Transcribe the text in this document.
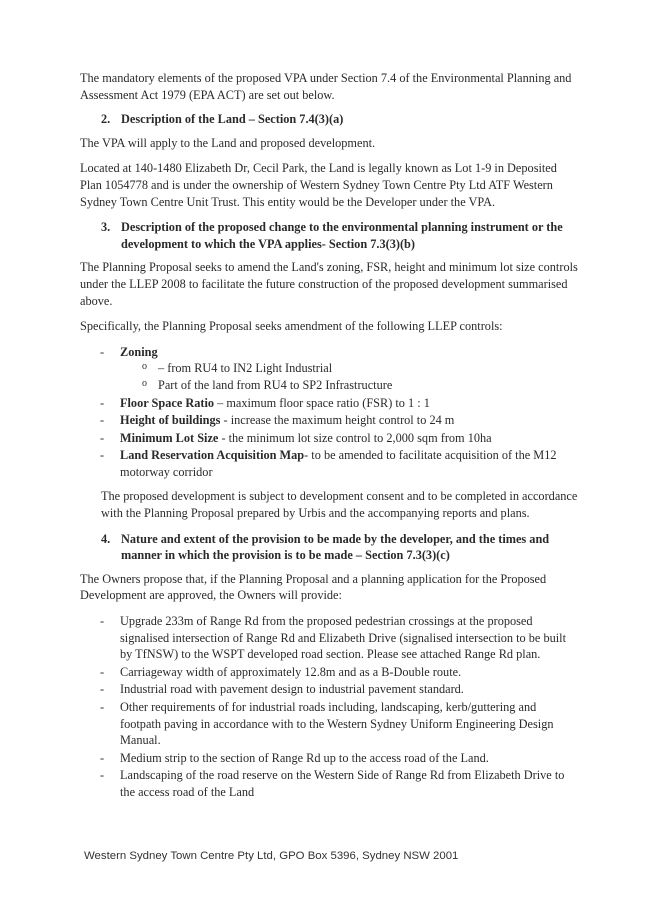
The mandatory elements of the proposed VPA under Section 7.4 of the Environmental Planning and Assessment Act 1979 (EPA ACT) are set out below.

2. Description of the Land – Section 7.4(3)(a)

The VPA will apply to the Land and proposed development.

Located at 140-1480 Elizabeth Dr, Cecil Park, the Land is legally known as Lot 1-9 in Deposited Plan 1054778 and is under the ownership of Western Sydney Town Centre Pty Ltd ATF Western Sydney Town Centre Unit Trust. This entity would be the Developer under the VPA.

3. Description of the proposed change to the environmental planning instrument or the development to which the VPA applies- Section 7.3(3)(b)

The Planning Proposal seeks to amend the Land's zoning, FSR, height and minimum lot size controls under the LLEP 2008 to facilitate the future construction of the proposed development summarised above.

Specifically, the Planning Proposal seeks amendment of the following LLEP controls:

- Zoning
o – from RU4 to IN2 Light Industrial
o Part of the land from RU4 to SP2 Infrastructure
- Floor Space Ratio – maximum floor space ratio (FSR) to 1 : 1
- Height of buildings - increase the maximum height control to 24 m
- Minimum Lot Size - the minimum lot size control to 2,000 sqm from 10ha
- Land Reservation Acquisition Map- to be amended to facilitate acquisition of the M12 motorway corridor

The proposed development is subject to development consent and to be completed in accordance with the Planning Proposal prepared by Urbis and the accompanying reports and plans.

4. Nature and extent of the provision to be made by the developer, and the times and manner in which the provision is to be made – Section 7.3(3)(c)

The Owners propose that, if the Planning Proposal and a planning application for the Proposed Development are approved, the Owners will provide:

- Upgrade 233m of Range Rd from the proposed pedestrian crossings at the proposed signalised intersection of Range Rd and Elizabeth Drive (signalised intersection to be built by TfNSW) to the WSPT developed road section. Please see attached Range Rd plan.
- Carriageway width of approximately 12.8m and as a B-Double route.
- Industrial road with pavement design to industrial pavement standard.
- Other requirements of for industrial roads including, landscaping, kerb/guttering and footpath paving in accordance with to the Western Sydney Uniform Engineering Design Manual.
- Medium strip to the section of Range Rd up to the access road of the Land.
- Landscaping of the road reserve on the Western Side of Range Rd from Elizabeth Drive to the access road of the Land
Western Sydney Town Centre Pty Ltd, GPO Box 5396, Sydney NSW 2001
